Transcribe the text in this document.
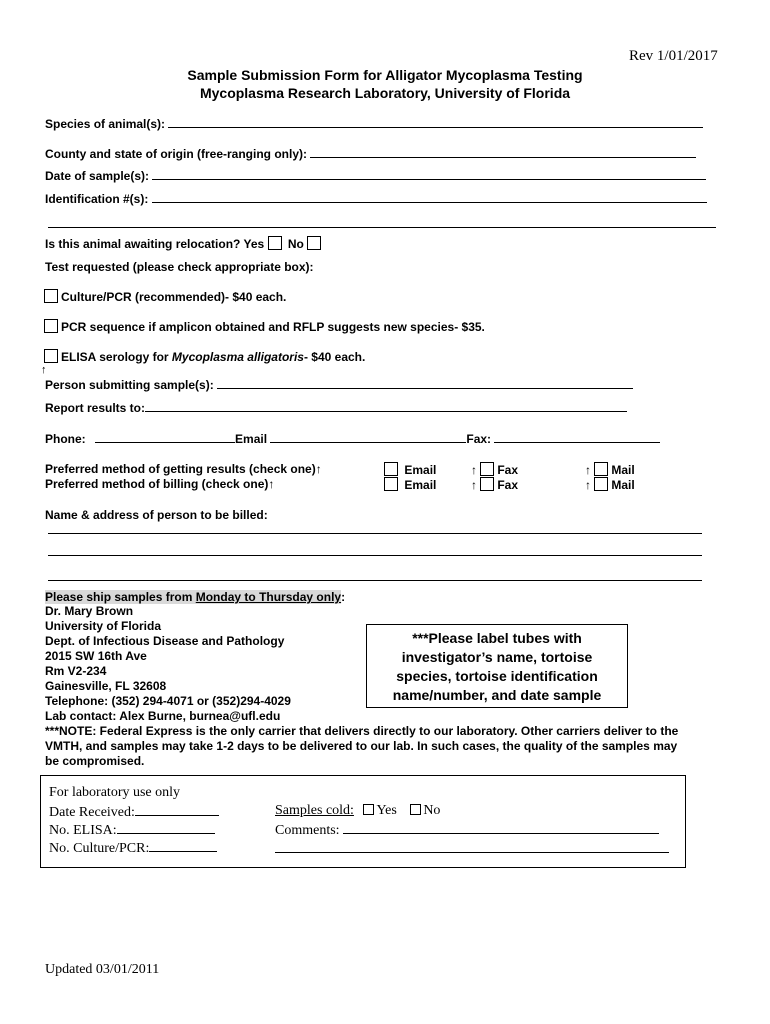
Rev 1/01/2017
Sample Submission Form for Alligator Mycoplasma Testing
Mycoplasma Research Laboratory, University of Florida
Species of animal(s):
County and state of origin (free-ranging only):
Date of sample(s):
Identification #(s):
Is this animal awaiting relocation? Yes No
Test requested (please check appropriate box):
Culture/PCR (recommended)- $40 each.
PCR sequence if amplicon obtained and RFLP suggests new species- $35.
ELISA serology for Mycoplasma alligatoris- $40 each.
↑
Person submitting sample(s):
Report results to:
Phone:	Email	Fax:
Preferred method of getting results (check one)↑	Email	↑ Fax	↑ Mail
Preferred method of billing (check one)↑	Email	↑ Fax	↑ Mail
Name & address of person to be billed:
Please ship samples from Monday to Thursday only:
Dr. Mary Brown
University of Florida
Dept. of Infectious Disease and Pathology
2015 SW 16th Ave
Rm V2-234
Gainesville, FL 32608
Telephone: (352) 294-4071 or (352)294-4029
Lab contact: Alex Burne, burnea@ufl.edu
***Please label tubes with
investigator’s name, tortoise
species, tortoise identification
name/number, and date sample
***NOTE: Federal Express is the only carrier that delivers directly to our laboratory. Other carriers deliver to the
VMTH, and samples may take 1-2 days to be delivered to our lab. In such cases, the quality of the samples may
be compromised.
For laboratory use only
Date Received:
No. ELISA:
No. Culture/PCR:
Samples cold: Yes No
Comments:
Updated 03/01/2011
